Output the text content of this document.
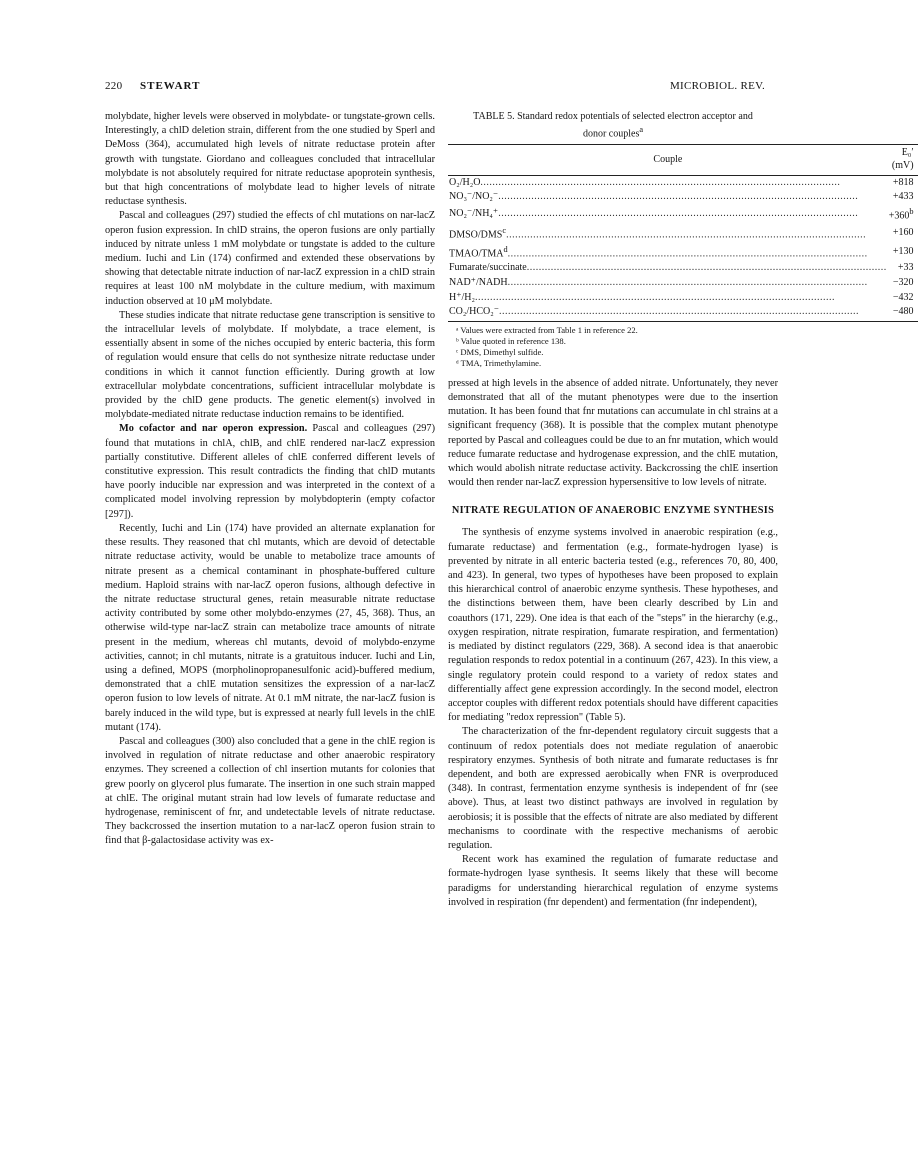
220 STEWART	MICROBIOL. REV.

molybdate, higher levels were observed in molybdate- or tungstate-grown cells. Interestingly, a chlD deletion strain, different from the one studied by Sperl and DeMoss (364), accumulated high levels of nitrate reductase protein after growth with tungstate. Giordano and colleagues concluded that intracellular molybdate is not absolutely required for nitrate reductase apoprotein synthesis, but that high concentrations of molybdate lead to higher levels of nitrate reductase synthesis.

Pascal and colleagues (297) studied the effects of chl mutations on nar-lacZ operon fusion expression. In chlD strains, the operon fusions are only partially induced by nitrate unless 1 mM molybdate or tungstate is added to the culture medium. Iuchi and Lin (174) confirmed and extended these observations by showing that detectable nitrate induction of nar-lacZ expression in a chlD strain requires at least 100 nM molybdate in the culture medium, with maximum induction observed at 10 μM molybdate.

These studies indicate that nitrate reductase gene transcription is sensitive to the intracellular levels of molybdate. If molybdate, a trace element, is essentially absent in some of the niches occupied by enteric bacteria, this form of regulation would ensure that cells do not synthesize nitrate reductase under conditions in which it cannot function efficiently. During growth at low extracellular molybdate concentrations, sufficient intracellular molybdate is provided by the chlD gene products. The genetic element(s) involved in molybdate-mediated nitrate reductase induction remains to be identified.

Mo cofactor and nar operon expression. Pascal and colleagues (297) found that mutations in chlA, chlB, and chlE rendered nar-lacZ expression partially constitutive. Different alleles of chlE conferred different levels of constitutive expression. This result contradicts the finding that chlD mutants have poorly inducible nar expression and was interpreted in the context of a complicated model involving repression by molybdopterin (empty cofactor [297]).

Recently, Iuchi and Lin (174) have provided an alternate explanation for these results. They reasoned that chl mutants, which are devoid of detectable nitrate reductase activity, would be unable to metabolize trace amounts of nitrate present as a chemical contaminant in phosphate-buffered culture medium. Haploid strains with nar-lacZ operon fusions, although defective in the nitrate reductase structural genes, retain measurable nitrate reductase activity contributed by some other molybdo-enzymes (27, 45, 368). Thus, an otherwise wild-type nar-lacZ strain can metabolize trace amounts of nitrate present in the medium, whereas chl mutants, devoid of molybdo-enzyme activities, cannot; in chl mutants, nitrate is a gratuitous inducer. Iuchi and Lin, using a defined, MOPS (morpholinopropanesulfonic acid)-buffered medium, demonstrated that a chlE mutation sensitizes the expression of a nar-lacZ operon fusion to low levels of nitrate. At 0.1 mM nitrate, the nar-lacZ fusion is barely induced in the wild type, but is expressed at nearly full levels in the chlE mutant (174).

Pascal and colleagues (300) also concluded that a gene in the chlE region is involved in regulation of nitrate reductase and other anaerobic respiratory enzymes. They screened a collection of chl insertion mutants for colonies that grew poorly on glycerol plus fumarate. The insertion in one such strain mapped at chlE. The original mutant strain had low levels of fumarate reductase and hydrogenase, reminiscent of fnr, and undetectable levels of nitrate reductase. They backcrossed the insertion mutation to a nar-lacZ operon fusion strain to find that β-galactosidase activity was ex-

TABLE 5. Standard redox potentials of selected electron acceptor and donor couples$^a$
Couple	E₀′ (mV)
O₂/H₂O........................................................................................................................	+818
NO₃⁻/NO₂⁻........................................................................................................................	+433
NO₂⁻/NH₄⁺........................................................................................................................	$+360^b$
DMSO/DMS$^c$........................................................................................................................	+160
TMAO/TMA$^d$........................................................................................................................	+130
Fumarate/succinate........................................................................................................................	+33
NAD⁺/NADH........................................................................................................................	−320
H⁺/H₂........................................................................................................................	−432
CO₂/HCO₂⁻........................................................................................................................	−480
ᵃ Values were extracted from Table 1 in reference 22.
ᵇ Value quoted in reference 138.
ᶜ DMS, Dimethyl sulfide.
ᵈ TMA, Trimethylamine.

pressed at high levels in the absence of added nitrate. Unfortunately, they never demonstrated that all of the mutant phenotypes were due to the insertion mutation. It has been found that fnr mutations can accumulate in chl strains at a significant frequency (368). It is possible that the complex mutant phenotype reported by Pascal and colleagues could be due to an fnr mutation, which would reduce fumarate reductase and hydrogenase expression, and the chlE mutation, which would abolish nitrate reductase activity. Backcrossing the chlE insertion would then render nar-lacZ expression hypersensitive to low levels of nitrate.

NITRATE REGULATION OF ANAEROBIC ENZYME SYNTHESIS

The synthesis of enzyme systems involved in anaerobic respiration (e.g., fumarate reductase) and fermentation (e.g., formate-hydrogen lyase) is prevented by nitrate in all enteric bacteria tested (e.g., references 70, 80, 400, and 423). In general, two types of hypotheses have been proposed to explain this hierarchical control of anaerobic enzyme synthesis. These hypotheses, and the distinctions between them, have been clearly described by Lin and coauthors (171, 229). One idea is that each of the "steps" in the hierarchy (e.g., oxygen respiration, nitrate respiration, fumarate respiration, and fermentation) is mediated by distinct regulators (229, 368). A second idea is that anaerobic regulation responds to redox potential in a continuum (267, 423). In this view, a single regulatory protein could respond to a variety of redox states and differentially affect gene expression accordingly. In the second model, electron acceptor couples with different redox potentials should have different capacities for mediating "redox repression" (Table 5).

The characterization of the fnr-dependent regulatory circuit suggests that a continuum of redox potentials does not mediate regulation of anaerobic respiratory enzymes. Synthesis of both nitrate and fumarate reductases is fnr dependent, and both are expressed aerobically when FNR is overproduced (348). In contrast, fermentation enzyme synthesis is independent of fnr (see above). Thus, at least two distinct pathways are involved in regulation by aerobiosis; it is possible that the effects of nitrate are also mediated by different mechanisms to coordinate with the respective mechanisms of aerobic regulation.

Recent work has examined the regulation of fumarate reductase and formate-hydrogen lyase synthesis. It seems likely that these will become paradigms for understanding hierarchical regulation of enzyme systems involved in respiration (fnr dependent) and fermentation (fnr independent),
